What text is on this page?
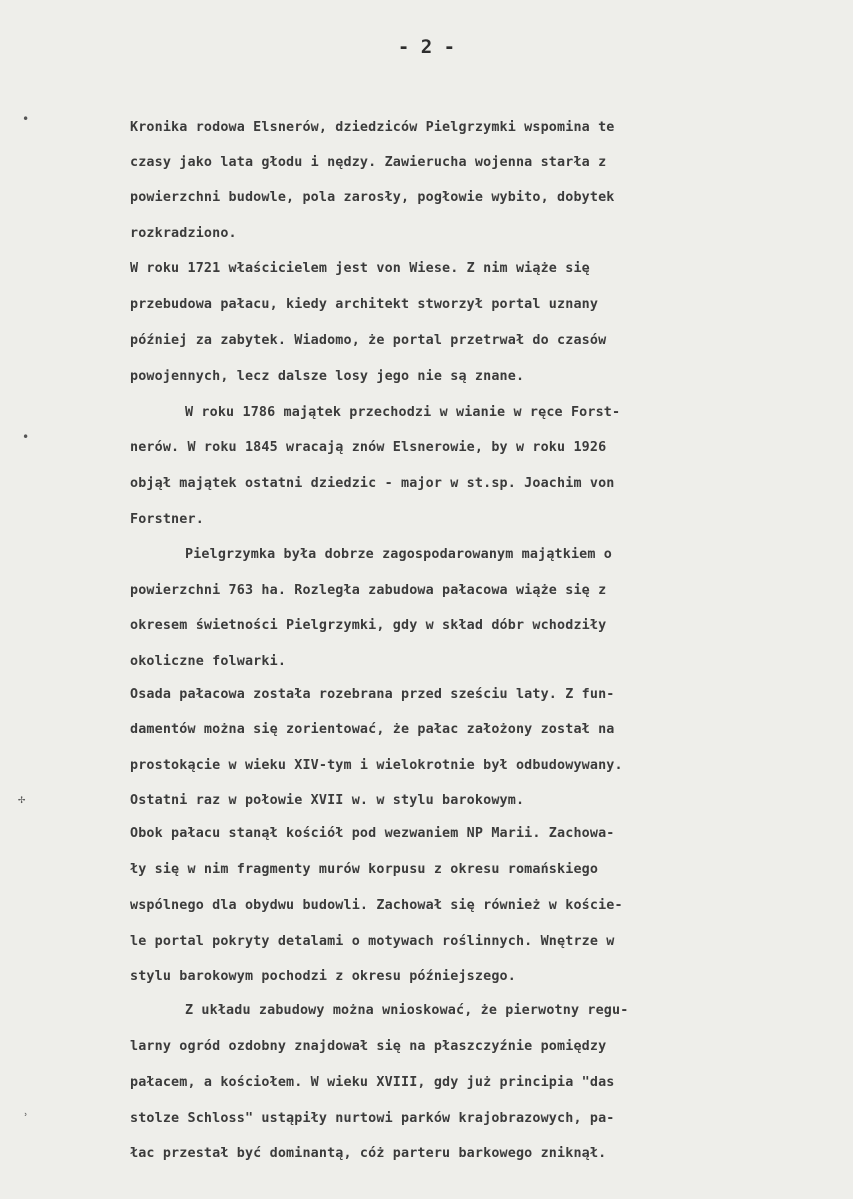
- 2 -
Kronika rodowa Elsnerów, dziedziców Pielgrzymki wspomina te
czasy jako lata głodu i nędzy. Zawierucha wojenna starła z
powierzchni budowle, pola zarosły, pogłowie wybito, dobytek
rozkradziono.
W roku 1721 właścicielem jest von Wiese. Z nim wiąże się
przebudowa pałacu, kiedy architekt stworzył portal uznany
później za zabytek. Wiadomo, że portal przetrwał do czasów
powojennych, lecz dalsze losy jego nie są znane.
W roku 1786 majątek przechodzi w wianie w ręce Forst-
nerów. W roku 1845 wracają znów Elsnerowie, by w roku 1926
objął majątek ostatni dziedzic - major w st.sp. Joachim von
Forstner.
Pielgrzymka była dobrze zagospodarowanym majątkiem o
powierzchni 763 ha. Rozległa zabudowa pałacowa wiąże się z
okresem świetności Pielgrzymki, gdy w skład dóbr wchodziły
okoliczne folwarki.
Osada pałacowa została rozebrana przed sześciu laty. Z fun-
damentów można się zorientować, że pałac założony został na
prostokącie w wieku XIV-tym i wielokrotnie był odbudowywany.
Ostatni raz w połowie XVII w. w stylu barokowym.
Obok pałacu stanął kościół pod wezwaniem NP Marii. Zachowa-
ły się w nim fragmenty murów korpusu z okresu romańskiego
wspólnego dla obydwu budowli. Zachował się również w koście-
le portal pokryty detalami o motywach roślinnych. Wnętrze w
stylu barokowym pochodzi z okresu późniejszego.
Z układu zabudowy można wnioskować, że pierwotny regu-
larny ogród ozdobny znajdował się na płaszczyźnie pomiędzy
pałacem, a kościołem. W wieku XVIII, gdy już principia "das
stolze Schloss" ustąpiły nurtowi parków krajobrazowych, pa-
łac przestał być dominantą, cóż parteru barkowego zniknął.
•
•
✢
˒
